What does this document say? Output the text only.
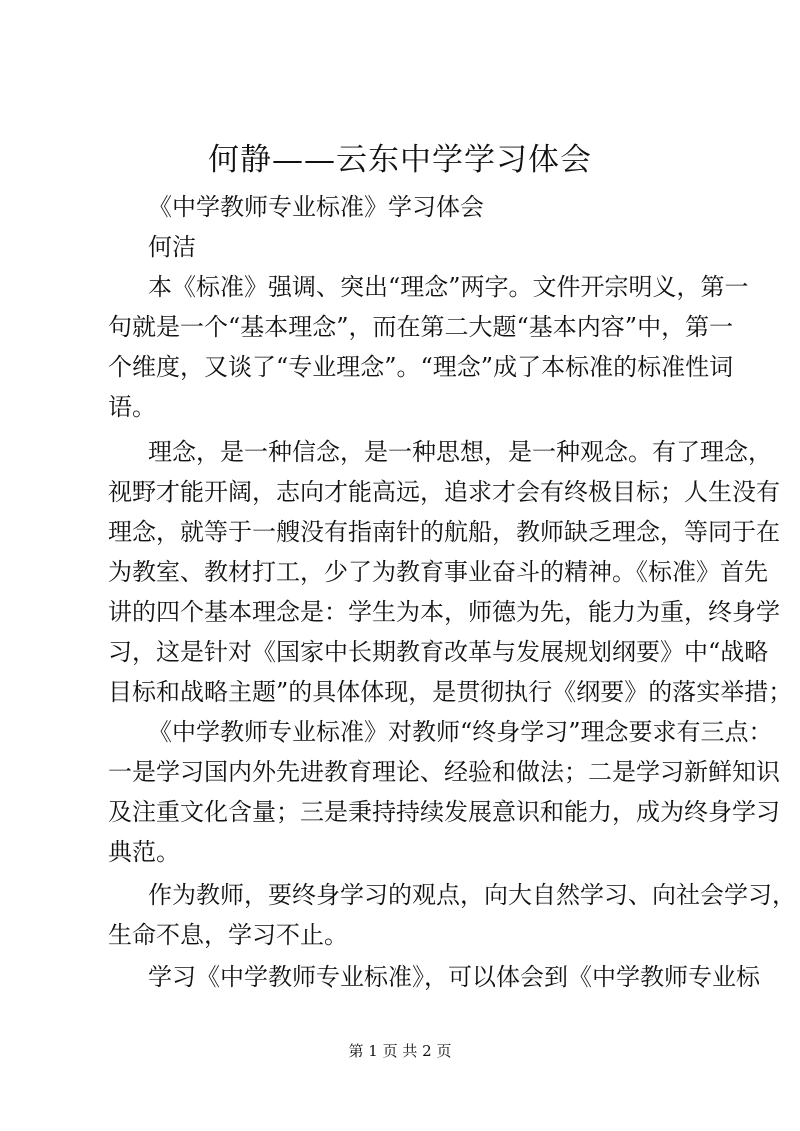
何静——云东中学学习体会
《中学教师专业标准》学习体会
何洁
本《标准》强调、突出“理念”两字。文件开宗明义，第一
句就是一个“基本理念”，而在第二大题“基本内容”中，第一
个维度，又谈了“专业理念”。“理念”成了本标准的标准性词
语。
理念，是一种信念，是一种思想，是一种观念。有了理念，
视野才能开阔，志向才能高远，追求才会有终极目标；人生没有
理念，就等于一艘没有指南针的航船，教师缺乏理念，等同于在
为教室、教材打工，少了为教育事业奋斗的精神。《标准》首先
讲的四个基本理念是：学生为本，师德为先，能力为重，终身学
习，这是针对《国家中长期教育改革与发展规划纲要》中“战略
目标和战略主题”的具体体现，是贯彻执行《纲要》的落实举措；
《中学教师专业标准》对教师“终身学习”理念要求有三点：
一是学习国内外先进教育理论、经验和做法；二是学习新鲜知识
及注重文化含量；三是秉持持续发展意识和能力，成为终身学习
典范。
作为教师，要终身学习的观点，向大自然学习、向社会学习，
生命不息，学习不止。
学习《中学教师专业标准》，可以体会到《中学教师专业标
第 1 页 共 2 页
